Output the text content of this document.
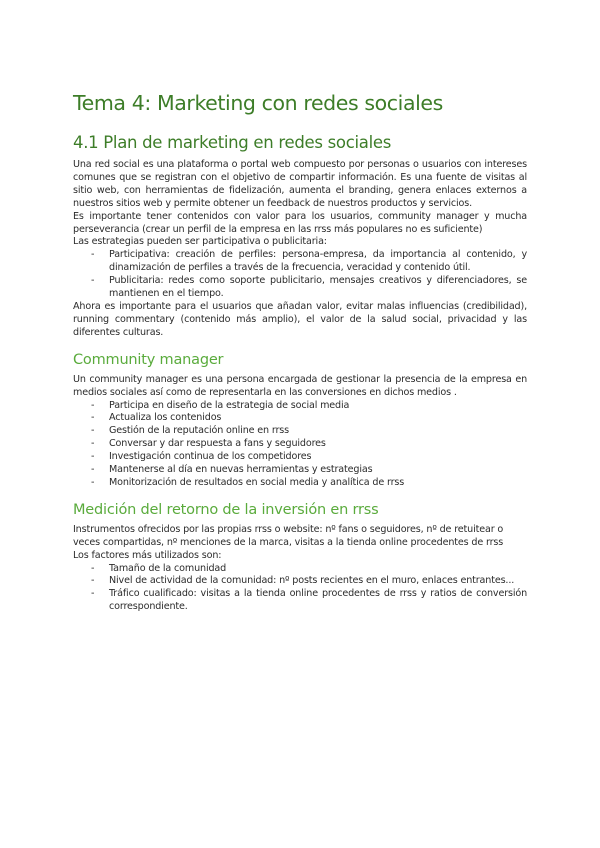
Tema 4: Marketing con redes sociales
4.1 Plan de marketing en redes sociales

Una red social es una plataforma o portal web compuesto por personas o usuarios con intereses comunes que se registran con el objetivo de compartir información. Es una fuente de visitas al sitio web, con herramientas de fidelización, aumenta el branding, genera enlaces externos a nuestros sitios web y permite obtener un feedback de nuestros productos y servicios.

Es importante tener contenidos con valor para los usuarios, community manager y mucha perseverancia (crear un perfil de la empresa en las rrss más populares no es suficiente)

Las estrategias pueden ser participativa o publicitaria:

- Participativa: creación de perfiles: persona-empresa, da importancia al contenido, y dinamización de perfiles a través de la frecuencia, veracidad y contenido útil.
- Publicitaria: redes como soporte publicitario, mensajes creativos y diferenciadores, se mantienen en el tiempo.

Ahora es importante para el usuarios que añadan valor, evitar malas influencias (credibilidad), running commentary (contenido más amplio), el valor de la salud social, privacidad y las diferentes culturas.

Community manager

Un community manager es una persona encargada de gestionar la presencia de la empresa en medios sociales así como de representarla en las conversiones en dichos medios .

- Participa en diseño de la estrategia de social media
- Actualiza los contenidos
- Gestión de la reputación online en rrss
- Conversar y dar respuesta a fans y seguidores
- Investigación continua de los competidores
- Mantenerse al día en nuevas herramientas y estrategias
- Monitorización de resultados en social media y analítica de rrss
Medición del retorno de la inversión en rrss

Instrumentos ofrecidos por las propias rrss o website: nº fans o seguidores, nº de retuitear o veces compartidas, nº menciones de la marca, visitas a la tienda online procedentes de rrss

Los factores más utilizados son:

- Tamaño de la comunidad
- Nivel de actividad de la comunidad: nº posts recientes en el muro, enlaces entrantes...
- Tráfico cualificado: visitas a la tienda online procedentes de rrss y ratios de conversión correspondiente.
